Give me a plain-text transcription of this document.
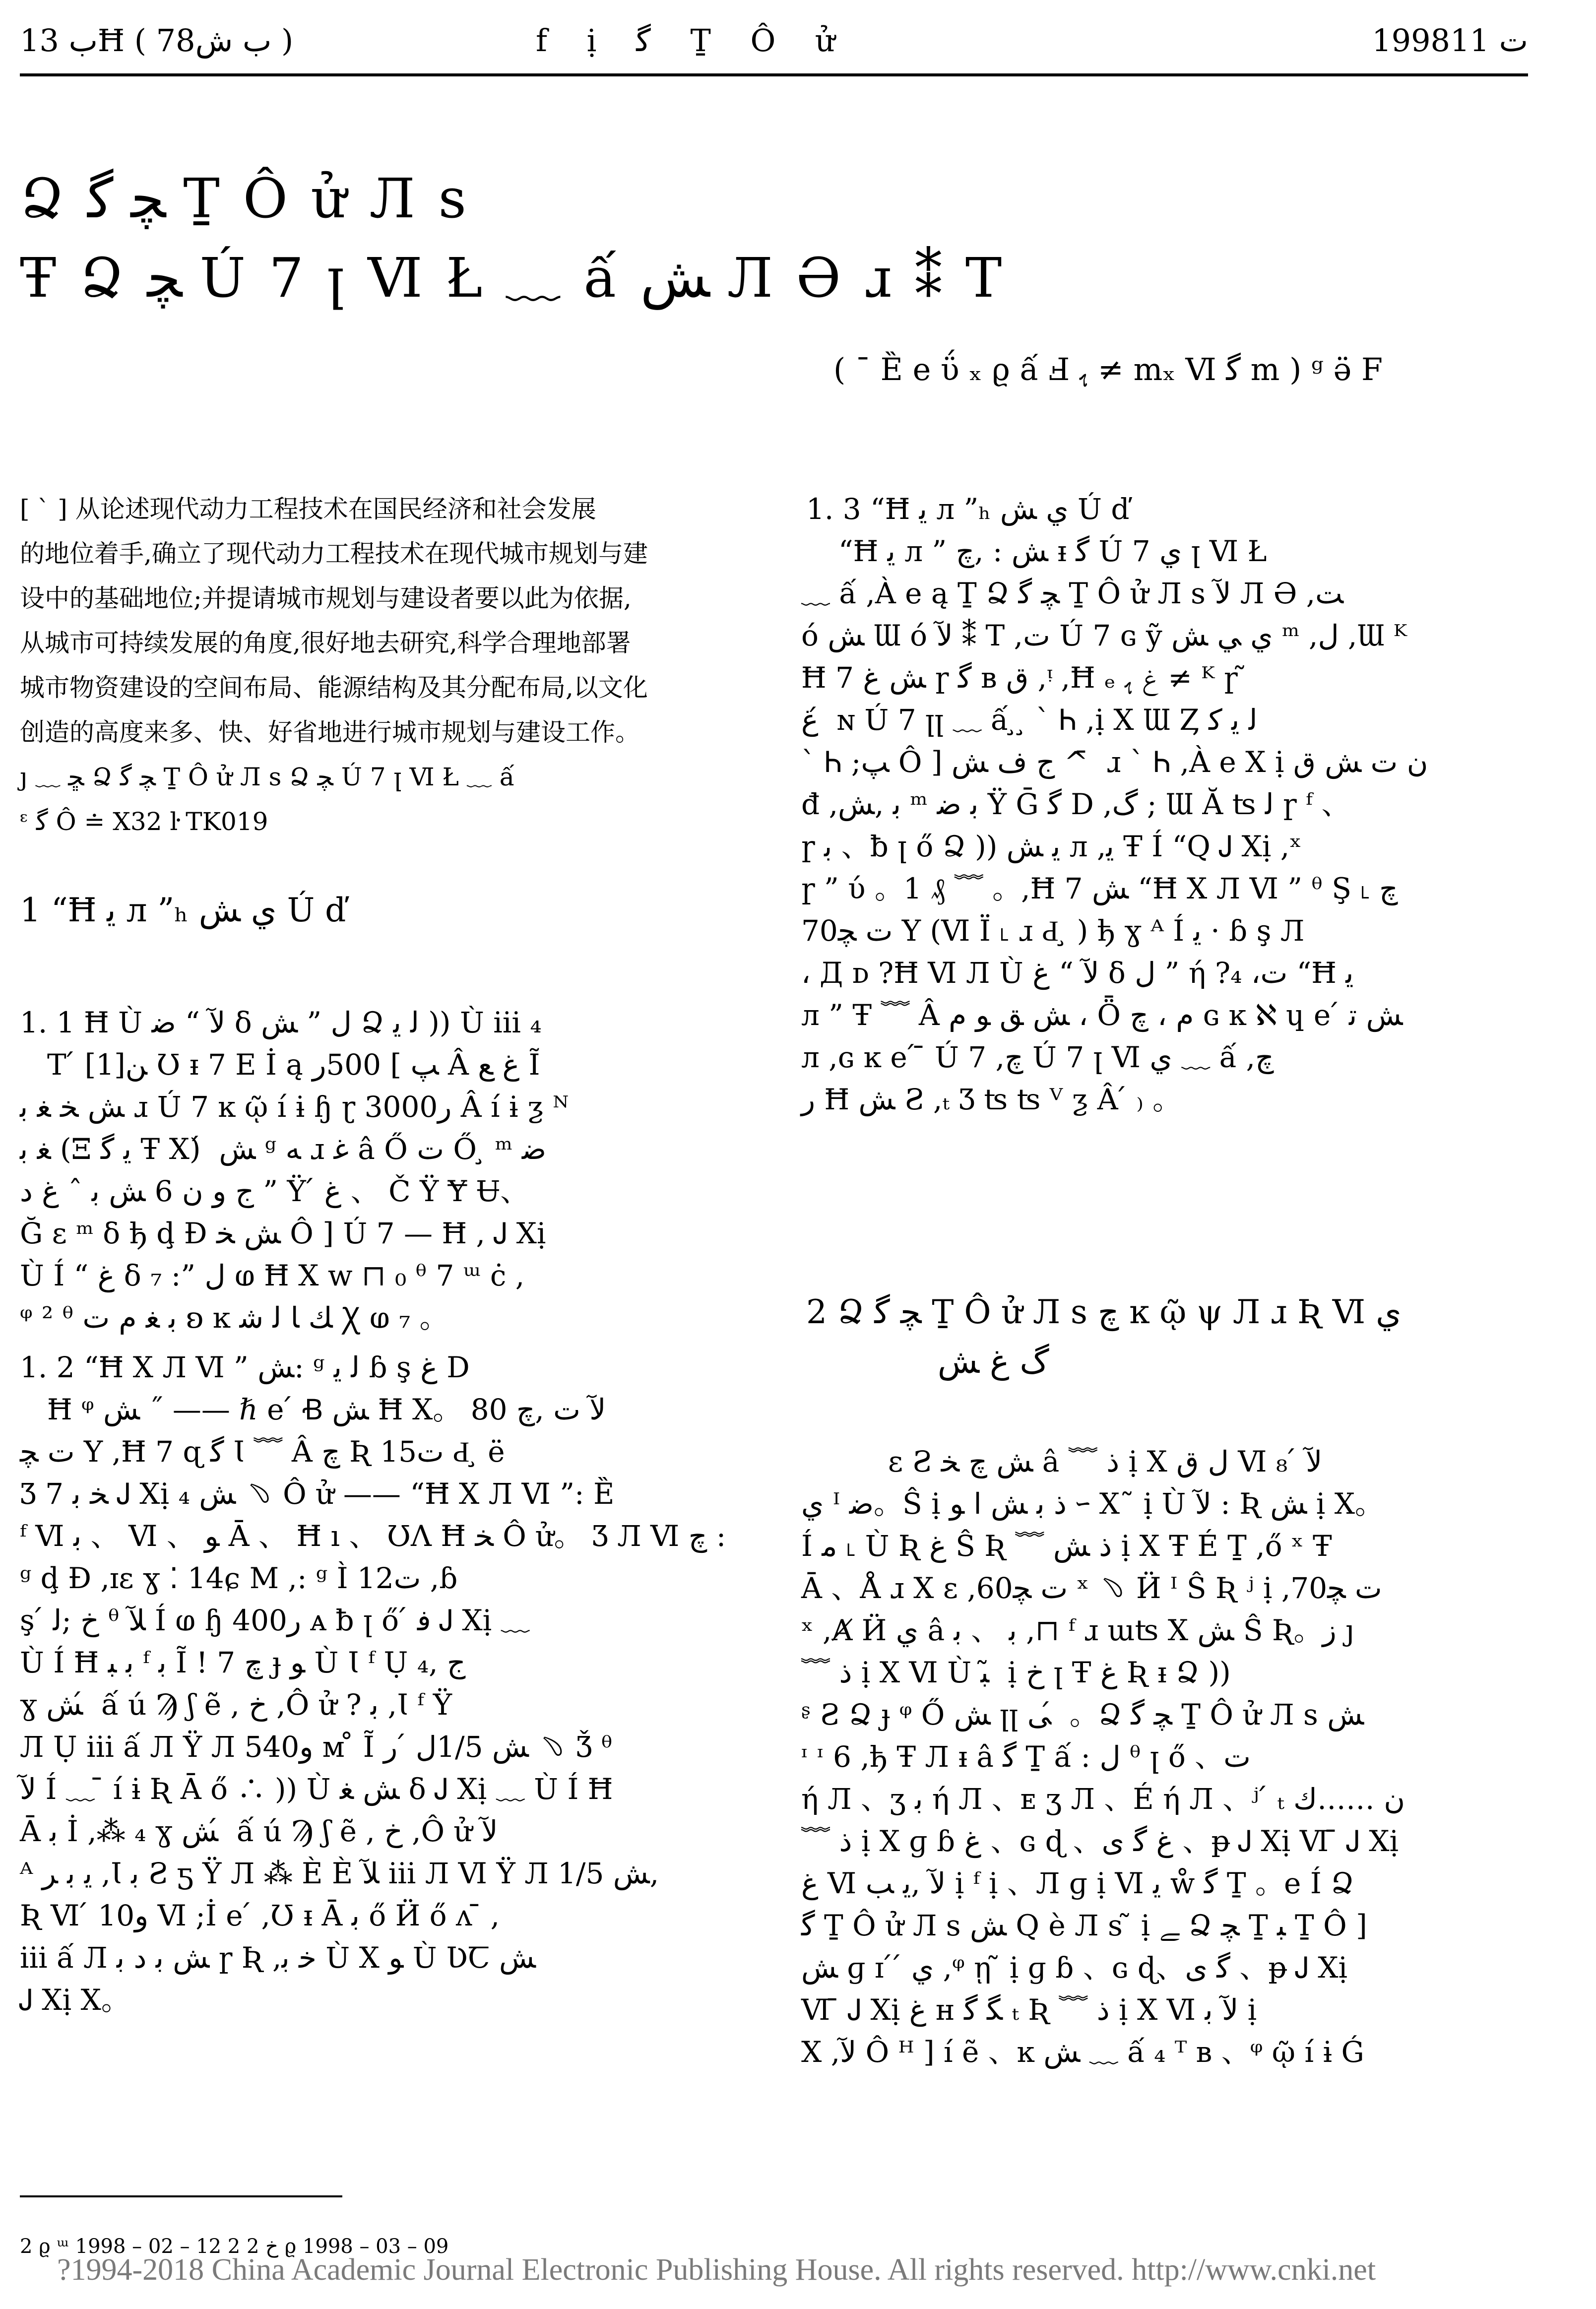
ب 13Ħ ( 78ب ﺵ )	f ị ﮔ Ṯ Ô ử	1998ت 11
Ձ ﭽ ﮔ Ṯ Ô ử Л s
Ŧ Ձ ﭽ Ú 7 ꞁ Ⅵ Ł ﹏ ấ ﺶ Л Ә ɹ ⁑ T
( ¯ Ȅ e ΰ ₓ ϱ ấ Ⅎ ﮨ ≠ mₓ Ⅵ ﮔ m ) ᵍ ӛ F
[ ` ] 从论述现代动力工程技术在国民经济和社会发展
的地位着手,确立了现代动力工程技术在现代城市规划与建
设中的基础地位;并提请城市规划与建设者要以此为依据,
从城市可持续发展的角度,很好地去研究,科学合理地部署
城市物资建设的空间布局、能源结构及其分配布局,以文化
创造的高度来多、快、好省地进行城市规划与建设工作。
ȷ ﹏ ﮁ Ձ ﭽ ﮔ Ṯ Ô ử Л s Ձ ﭽ Ú 7 ꞁ Ⅵ Ł ﹏ ấ
ᵋ ﮔ Ô ≐ X32 ŀ TK019
1 “Ħ ﻳ л ”ₕ ﻱ ﺶ Ú ď
1. 1 Ħ Ù ﻵ “ ﺿ δ ﻝ ” ﺶ Ձ ﻟ ﻳ )) Ù iii ₄
T ́ ﻦ[1] Ʊ ᵻ 7 E İ ą ﭗ ] 500ر Â ﻍ ﻊ Ĩ
ﺶ ﺨ ﻐ ﺑ ɹ Ú 7 ĸ ῷ í ɨ ɧ ɽ 3000ر Â í ɨ ƺ ᴺ
ﻐ ﺑ (Ξ ﻳ ﮔ Ŧ X) ́ ﺶ ᵍ ﻪ ɹ ﻏ â Ő ﺕ Ő ̧ ᵐ ﺿ
ﺝ ﻭ ﻥ 6 ﺶ ﺑ ˆ ﻍ ﺩ ” Ÿ ́ ﻍ 、 Č Ÿ Ɏ Ʉ、
Ğ ɛ ᵐ δ ђ ḑ Ð ﺶ ﺨ Ô ] Ú 7 — Ħ , Ꭻ Xị
Ù Í “ ﻍ δ ﻝ ”: ₇ ⱷ Ħ X w ⊓ ₀ ᶿ 7 ᵚ ċ ,
ᵠ ² ᶿ ﺑ ﻐ ﻡ ﺕ ʚ ĸ ﻚ ﺎ ﻟ ﺷ Ꭓ ⱷ ₇ 。
1. 2 “Ħ X Л Ⅵ ” ﺶ: ᵍ ﻟ ﻳ ɓ ş ﻍ D
Ħ ᵠ ﺶ ˝ —— ℏ e ́ Ꞗ ﺶ Ħ X。 ﻵ ﺕ ,ﭺ 80
ت ﭽ Y ,Ħ 7 ɋ ﮔ Ɩ ﹌ Â ﭺ Ʀ 15ت Ԁ ̧ ë
Ʒ 7 ﺨ ﺑ Ꭻ Xị ﺶ ₄ ﹆ Ô ử —— “Ħ X Л Ⅵ ”: Ȅ
ᶠ Ⅵ ﺑ 、 Ⅵ 、 ﻮ Ā 、 Ħ ı 、 ƱΛ Ħ ﺨ Ô ử。 Ʒ Л Ⅵ ﭺ :
ᵍ ḑ Ð ,ɪɛ ɣ ⁚ 14ɕ M ,: ᵍ Ì 12ت ,ɓ
ş ́ ﺥ ;ﻟ ᶿ ﻶ Í ⱷ ɧ 400ر ᴀ ƀ ꞁ ő ́ ﻓ Ꭻ Xị ﹏
Ù Í Ħ ﺑ ﺒ ᶠ ﺑ Ĩ ! ﭺ 7 ɟ ﻮ Ù Ɩ ᶠ Ụ ﺝ ,₄
ɣ ﺶ ́ ấ ú Ϡ ʃ ẽ , ﺥ ,Ô ử ? ﺑ ,Ɩ ᶠ Ÿ
Л Ụ iii ấ Л Ÿ Л 540ﻭ ᴍ ̊ Ĩ ﺶ 1/5ﻝ ́ ﺭ ﹆ Ǯ ᶿ
ﻵ Í ﹏ ̄ í ɨ Ʀ Ā ő ∴ )) Ù ﺶ ﻐ δ Ꭻ Xị ﹏ Ù Í Ħ
Ā ﺑ İ ,⁂ ₄ ɣ ﺶ ́ ấ ú Ϡ ʃ ẽ , ﺥ ,Ô ử ﻵ
ᴬ ﻳ ﺑ ﺮ ,Ɩ ﺑ Ƨ ƽ Ÿ Л ⁂ È È ﻶ iii Л Ⅵ Ÿ Л ﺶ 1/5,
Ʀ Ⅵ ́ 10ﻭ Ⅵ ;İ e ́ ,Ʊ ᵻ Ā ﺑ ő Ӥ ő ᴧ ̄ ,
iii ấ Л ﺶ ﺑ ﺩ ﺑ ɼ Ʀ ,ﺧ ﺑ Ù X ﻮ Ù ƲꞆ ﺶ
Ꭻ Xị X。
1. 3 “Ħ ﻳ л ”ₕ ﻱ ﺶ Ú ď
“Ħ ﻳ л ” ﺶ : ,ﭺ ᵻ ﮔ Ú 7 ﻱ ꞁ Ⅵ Ł
﹏ ấ ,À e ą Ṯ Ձ ﭽ ﮔ Ṯ Ô ử Л s ﻵ Л Ә ,ﺖ
ó ﺶ Ɯ ó ﻵ ⁑ T ,ﺕ Ú 7 ɢ ỹ ﻱ ﻲ ﺶ ᵐ ,ﻝ ,Ɯ ᴷ
Ħ 7 ﺶ ﻍ ɼ ﮔ ʙ ﻕ ,ᵎ ,Ħ ₑ ﻍ ﮨ ≠ ᴷ ɼ ̃
ﻍ ́ ɴ Ú 7 ꞁꞁ ﹏ ấ ̧ ̧ ` Ꮒ ,ị X Ɯ Ȥ ﻟ ﻳ ﮐ
` Ꮒ ;ﭗ Ô ] ﺝ ﻑ ﺶ ^ ̄ ɹ ` Ꮒ ,À e X ị ﻥ ﺕ ﺶ ﻕ
đ ,ﺑ ,ﺶ ᵐ ﺑ ﺿ Ÿ Ḡ ﮔ D ,ﮒ ; Ɯ Ă ʦ ﻟ ɼ ᶠ 、
ɼ ﺑ 、ƀ ꞁ ő Ձ )) ﻳ ﺶ л ,ﻳ Ŧ Í “Ԛ Ꭻ Xị ,ˣ
ɼ ” ύ 。1 ₰ ﹌ 。,Ħ 7 ﺶ “Ħ X Л Ⅵ ” ᶿ Ş ˪ ﭺ
70ت ﭽ Y (Ⅵ Ï ˪ ɹ Ԁ ̧ ) ђ ɣ ᴬ Í ﻳ · ɓ ş Л
، Д ᴅ ?Ħ Ⅵ Л Ù ﻵ “ ﻍ δ ﻝ ” ή ?₄ ،ﺕ “Ħ ﻳ
л ” Ŧ ﹌ Â ﺶ ﻖ ﻮ ﻡ ، Ȫ ﻡ ، ﭺ ɢ ĸ ℵ ɥ e ́ ﺶ ﺗ
л ,ɢ ĸ e ́ ̄ Ú 7 ,ﭺ Ú 7 ꞁ Ⅵ ﻱ ﹏ ấ ,ﭺ
ﺭ Ħ ﺶ Ƨ ,ₜ Ʒ ʦ ʦ ⱽ ƺ Â ́ ₎ 。
2 Ձ ﭽ ﮔ Ṯ Ô ử Л s ﭺ ĸ ῷ ψ Л ɹ Ʀ Ⅵ ﻱ
ﮒ ﻍ ﺶ
ɛ Ƨ ﺶ ﭺ ﺨ â ﹌ ﺫ ị X ﻝ ﻕ Ⅵ ﻵ ́ ₈
ﻱ ᴵ ﺿ。Ŝ ị ﺫ ﺑ ﺶ ﺍ ﻮ ｰ X˜ ị Ù ﻵ : Ʀ ﺶ ị X。
Í ﻣ ˪ Ù Ʀ ﻍ Ŝ Ʀ ﹌ ﺫ ﺶ ị X Ŧ É Ṯ ,ő ˣ Ŧ
Ā 、Å ɹ X ɛ ,60ت ﭽ ˣ ﹆ Ӥ ᴵ Ŝ Ʀ ʲ ị ,70ت ﭽ
ˣ ,Ⱥ Ӥ ﻱ â ﺑ 、 ﺑ ,⊓ ᶠ ɹ ɯʦ X ﺶ Ŝ Ʀ。ﺯ ȷ
﹌ ﺫ ị X Ⅵ Ù ﺒ ̃ ị ﺥ ꞁ Ŧ ﻍ Ʀ ᵻ Ձ ))
ᶳ Ƨ Ձ ɟ ᵠ Ő ﺶ ꞁꞁ ﻰ ́ 。Ձ ﭽ ﮔ Ṯ Ô ử Л s ﺶ
ᶦ ᶦ 6 ,ђ Ŧ Л ᵻ â ﮔ Ṯ ấ : ﻝ ᶿ ꞁ ő 、ﺕ
ή Л 、ʒ ﺑ ή Л 、ᴇ ʒ Л 、É ή Л 、ʲ ́ ₜ ﻥ ……ﻙ
﹌ ﺫ ị X ɡ ɓ ﻍ 、ɢ ɖ 、ﻍ ﮔ ﻯ 、ᵽ Ꭻ Xị Ⅵ ̄ Ꭻ Xị
ﻍ Ⅵ ﻵ ,ﻳ ﺐ ị ᶠ ị 、Л ɡ ị Ⅵ ﻳ ẘ ﮔ Ṯ 。e Í Ձ
ﮔ Ṯ Ô ử Л s ﺶ Ԛ è Л s ̃ ị ﮯ Ձ ﭽ Ṯ ﺒ Ṯ Ô ]
ﺶ ɡ ɪ ́ ́ ﻱ ,ᵠ ῃ ̃ ị ɡ ɓ 、ɢ ɖ、ﮔ ﻯ 、ᵽ Ꭻ Xị
Ⅵ ̄ Ꭻ Xị ﻍ ʜ ﮕ ﮔ ₜ Ʀ ﹌ ﺫ ị X Ⅵ ﻵ ﺑ ị
X ,ﻵ Ô ᴴ ] í ẽ 、ĸ ﺶ ﹏ ấ ₄ ᵀ ʙ 、ᵠ ῷ í ɨ Ǵ
2 ϱ ᵚ 1998 – 02 – 12 2 ﺥ 2 ϱ 1998 – 03 – 09
?1994-2018 China Academic Journal Electronic Publishing House. All rights reserved. http://www.cnki.net
